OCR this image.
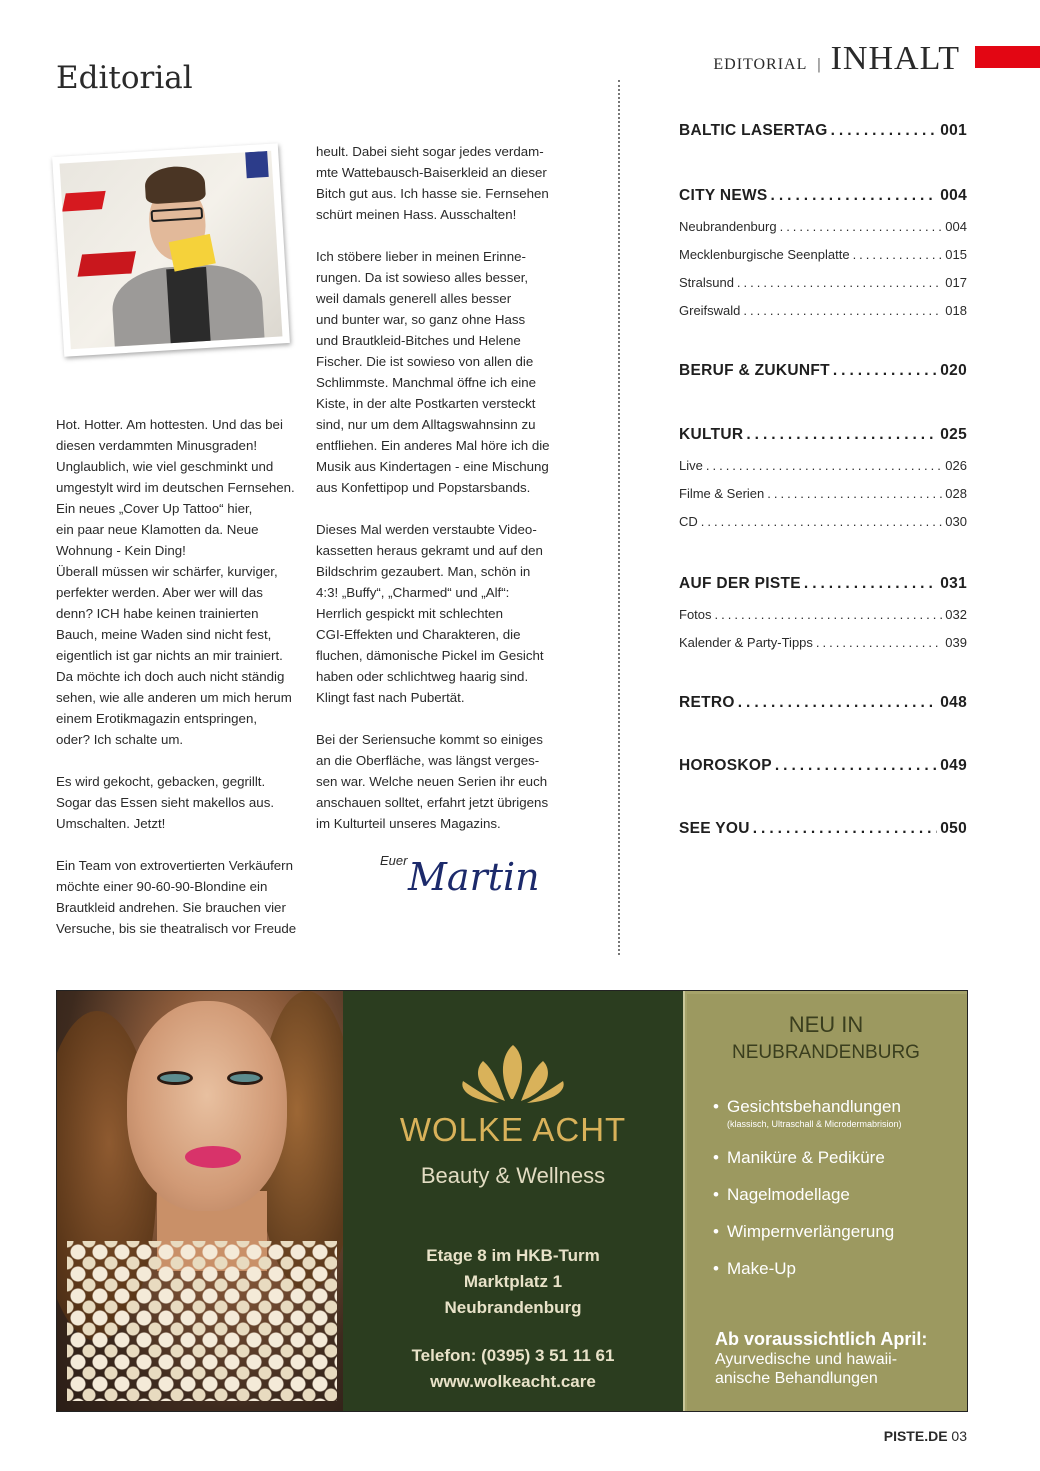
Editorial	EDITORIAL | INHALT

Hot. Hotter. Am hottesten. Und das bei

diesen verdammten Minusgraden!

Unglaublich, wie viel geschminkt und

umgestylt wird im deutschen Fernsehen.

Ein neues „Cover Up Tattoo“ hier,

ein paar neue Klamotten da. Neue

Wohnung - Kein Ding!

Überall müssen wir schärfer, kurviger,

perfekter werden. Aber wer will das

denn? ICH habe keinen trainierten

Bauch, meine Waden sind nicht fest,

eigentlich ist gar nichts an mir trainiert.

Da möchte ich doch auch nicht ständig

sehen, wie alle anderen um mich herum

einem Erotikmagazin entspringen,

oder? Ich schalte um.

Es wird gekocht, gebacken, gegrillt.

Sogar das Essen sieht makellos aus.

Umschalten. Jetzt!

Ein Team von extrovertierten Verkäufern

möchte einer 90-60-90-Blondine ein

Brautkleid andrehen. Sie brauchen vier

Versuche, bis sie theatralisch vor Freude

heult. Dabei sieht sogar jedes verdam-

mte Wattebausch-Baiserkleid an dieser

Bitch gut aus. Ich hasse sie. Fernsehen

schürt meinen Hass. Ausschalten!

Ich stöbere lieber in meinen Erinne-

rungen. Da ist sowieso alles besser,

weil damals generell alles besser

und bunter war, so ganz ohne Hass

und Brautkleid-Bitches und Helene

Fischer. Die ist sowieso von allen die

Schlimmste. Manchmal öffne ich eine

Kiste, in der alte Postkarten versteckt

sind, nur um dem Alltagswahnsinn zu

entfliehen. Ein anderes Mal höre ich die

Musik aus Kindertagen - eine Mischung

aus Konfettipop und Popstarsbands.

Dieses Mal werden verstaubte Video-

kassetten heraus gekramt und auf den

Bildschrim gezaubert. Man, schön in

4:3! „Buffy“, „Charmed“ und „Alf“:

Herrlich gespickt mit schlechten

CGI-Effekten und Charakteren, die

fluchen, dämonische Pickel im Gesicht

haben oder schlichtweg haarig sind.

Klingt fast nach Pubertät.

Bei der Seriensuche kommt so einiges

an die Oberfläche, was längst verges-

sen war. Welche neuen Serien ihr euch

anschauen solltet, erfahrt jetzt übrigens

im Kulturteil unseres Magazins.

Euer Martin
BALTIC LASERTAG .....	001
CITY NEWS .....	004
Neubrandenburg .....	004
Mecklenburgische Seenplatte .....	015
Stralsund .....	017
Greifswald .....	018
BERUF & ZUKUNFT .....	020
KULTUR .....	025
Live .....	026
Filme & Serien .....	028
CD .....	030
AUF DER PISTE .....	031
Fotos .....	032
Kalender & Party-Tipps .....	039
RETRO .....	048
HOROSKOP .....	049
SEE YOU .....	050
WOLKE ACHT
Beauty & Wellness
Etage 8 im HKB-Turm
Marktplatz 1
Neubrandenburg
Telefon: (0395) 3 51 11 61
www.wolkeacht.care
NEU IN
NEUBRANDENBURG
• Gesichtsbehandlungen
(klassisch, Ultraschall & Microdermabrision)
• Maniküre & Pediküre
• Nagelmodellage
• Wimpernverlängerung
• Make-Up
Ab voraussichtlich April:
Ayurvedische und hawaii-
anische Behandlungen
PISTE.DE 03
